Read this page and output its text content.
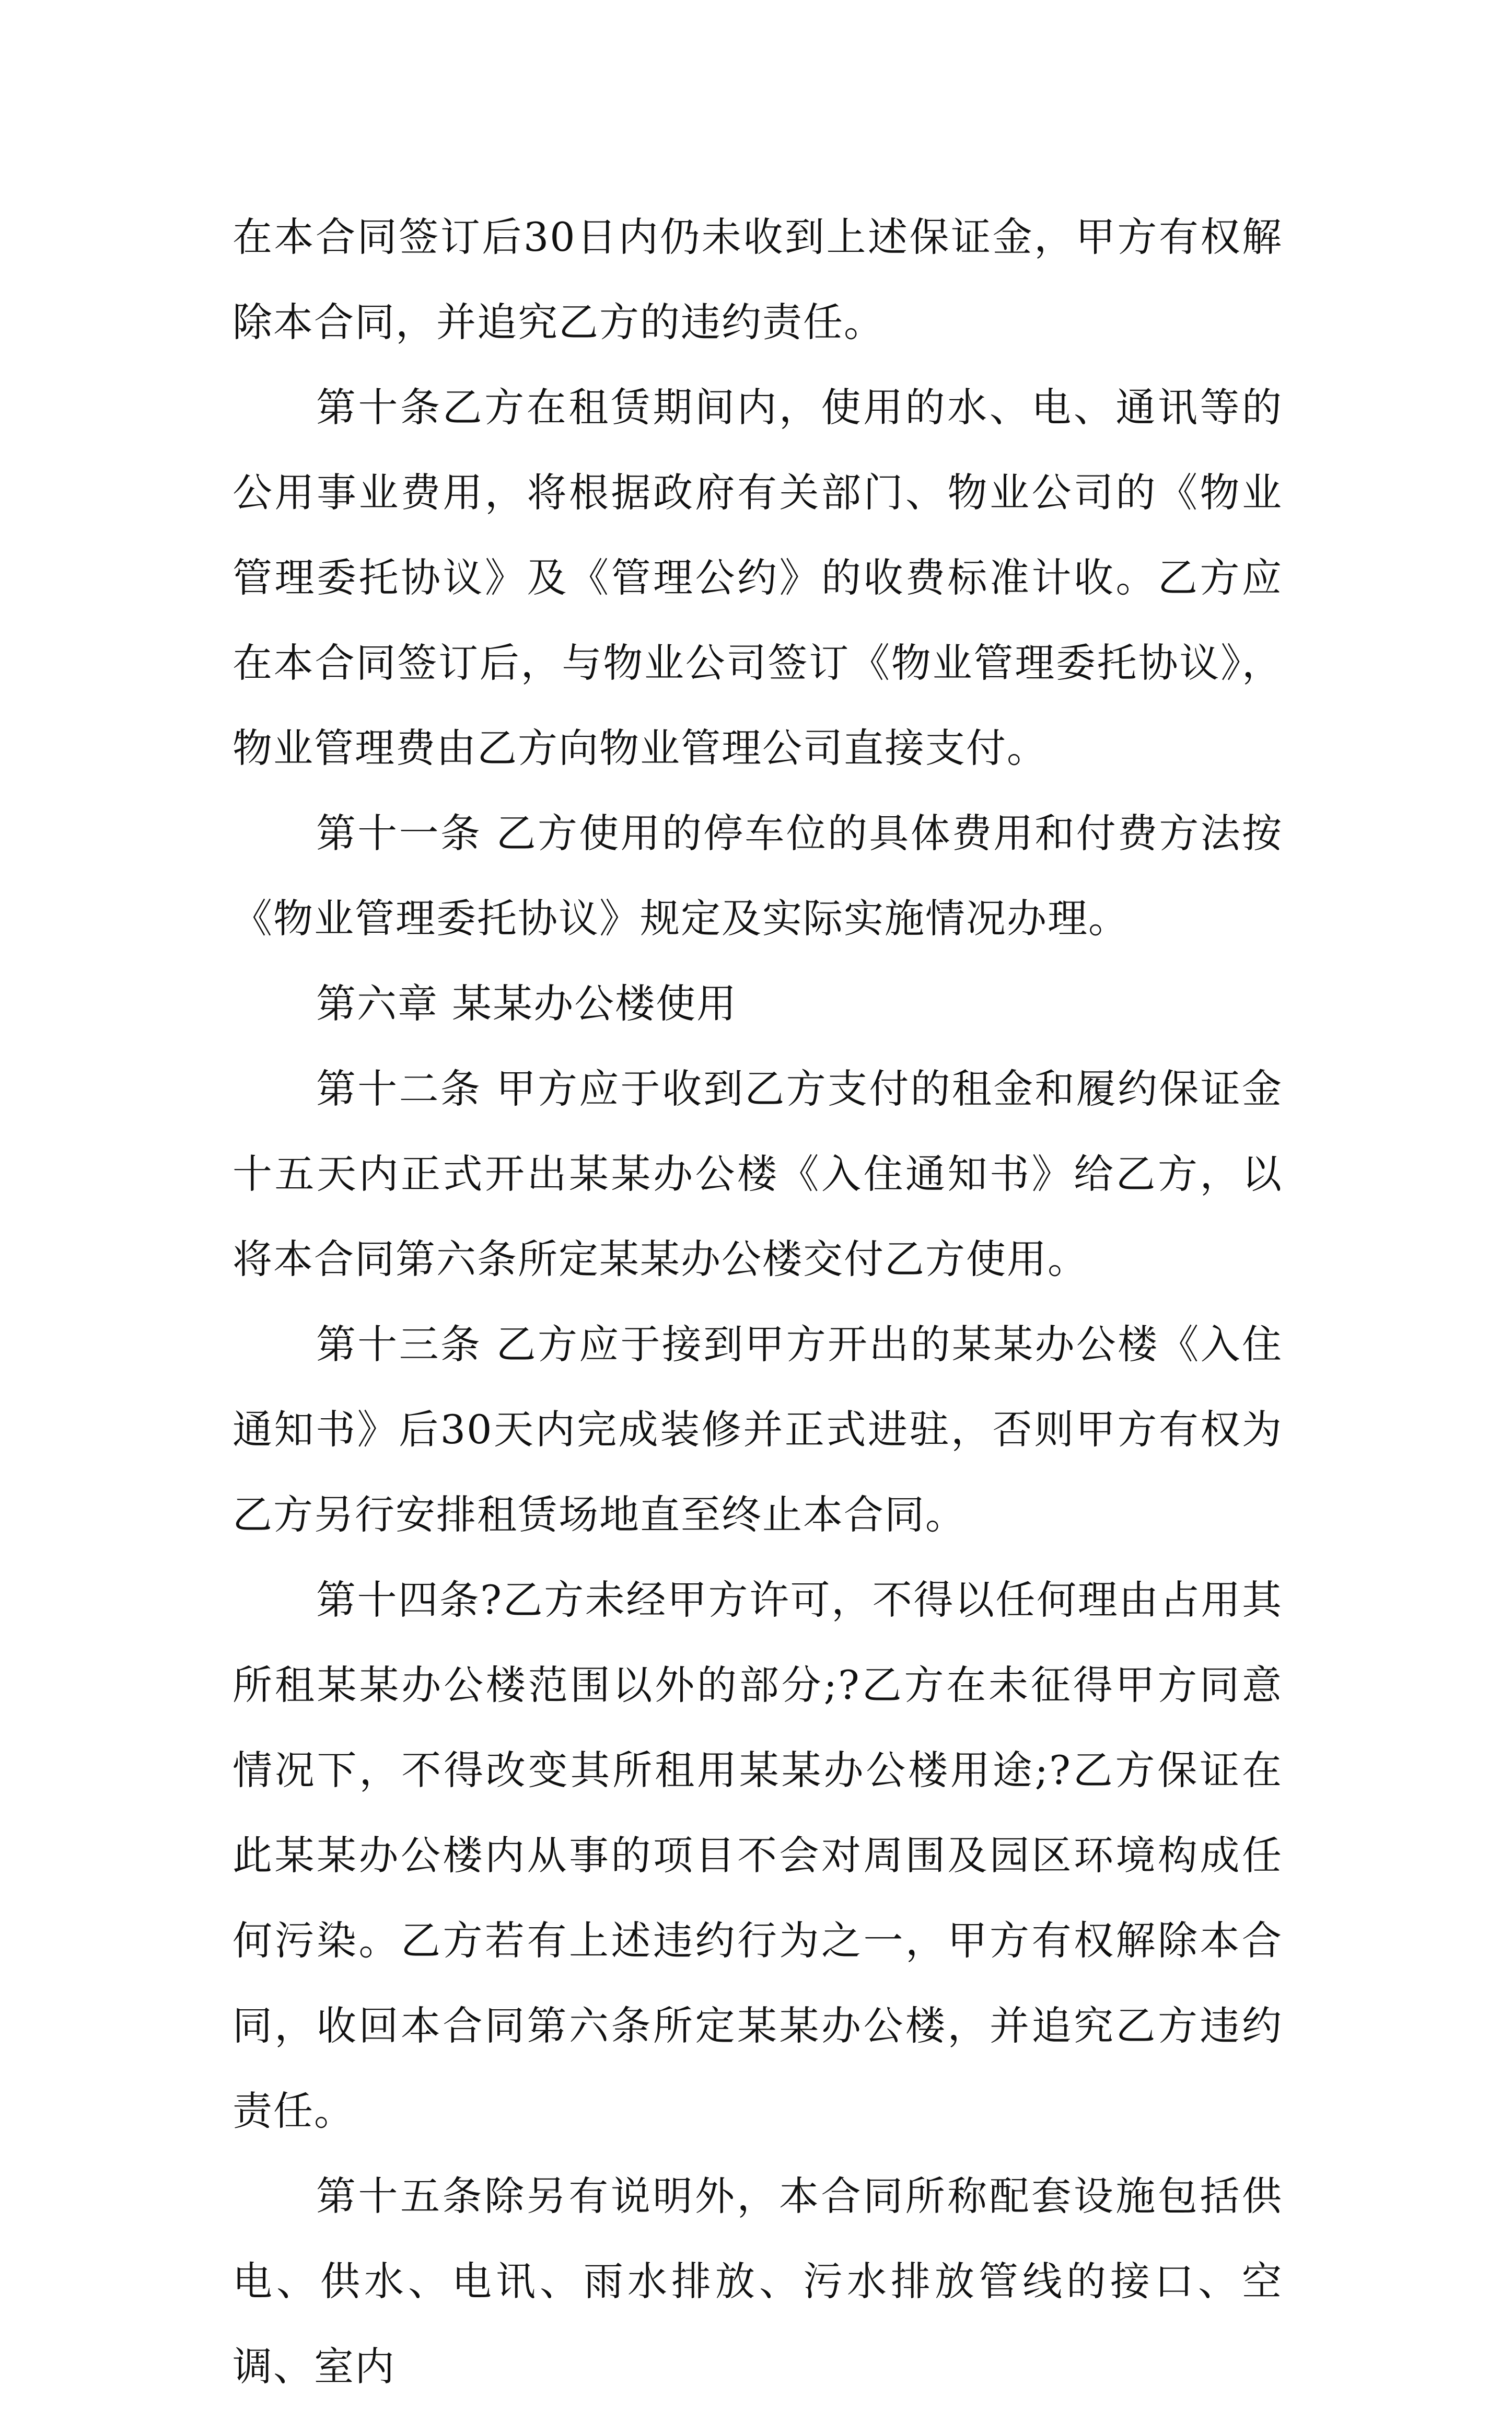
在本合同签订后30日内仍未收到上述保证金，甲方有权解除本合同，并追究乙方的违约责任。

第十条乙方在租赁期间内，使用的水、电、通讯等的公用事业费用，将根据政府有关部门、物业公司的《物业管理委托协议》及《管理公约》的收费标准计收。乙方应在本合同签订后，与物业公司签订《物业管理委托协议》，物业管理费由乙方向物业管理公司直接支付。

第十一条 乙方使用的停车位的具体费用和付费方法按《物业管理委托协议》规定及实际实施情况办理。

第六章 某某办公楼使用

第十二条 甲方应于收到乙方支付的租金和履约保证金十五天内正式开出某某办公楼《入住通知书》给乙方，以将本合同第六条所定某某办公楼交付乙方使用。

第十三条 乙方应于接到甲方开出的某某办公楼《入住通知书》后30天内完成装修并正式进驻，否则甲方有权为乙方另行安排租赁场地直至终止本合同。

第十四条?乙方未经甲方许可，不得以任何理由占用其所租某某办公楼范围以外的部分;?乙方在未征得甲方同意情况下，不得改变其所租用某某办公楼用途;?乙方保证在此某某办公楼内从事的项目不会对周围及园区环境构成任何污染。乙方若有上述违约行为之一，甲方有权解除本合同，收回本合同第六条所定某某办公楼，并追究乙方违约责任。

第十五条除另有说明外，本合同所称配套设施包括供电、供水、电讯、雨水排放、污水排放管线的接口、空调、室内
